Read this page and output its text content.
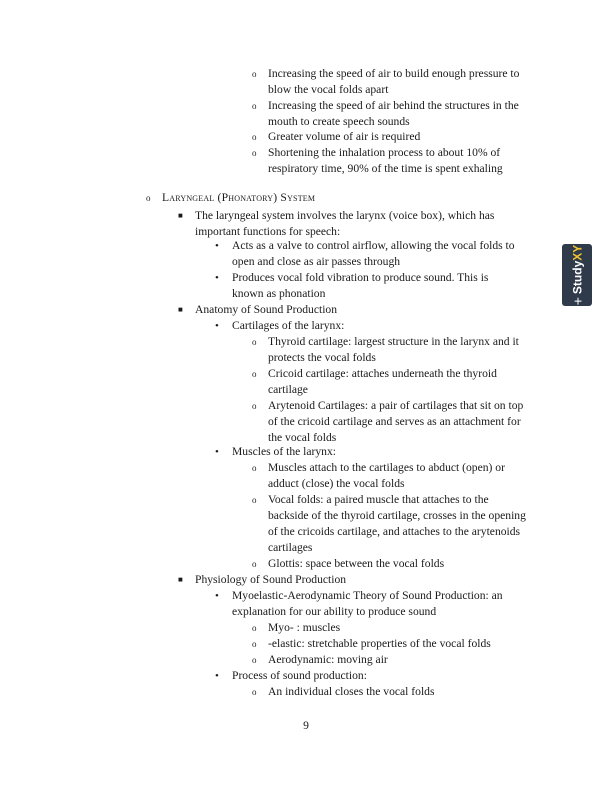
o Increasing the speed of air to build enough pressure to blow the vocal folds apart
o Increasing the speed of air behind the structures in the mouth to create speech sounds
o Greater volume of air is required
o Shortening the inhalation process to about 10% of respiratory time, 90% of the time is spent exhaling
o Laryngeal (Phonatory) System
■	The laryngeal system involves the larynx (voice box), which has important functions for speech:
•	Acts as a valve to control airflow, allowing the vocal folds to open and close as air passes through
•	Produces vocal fold vibration to produce sound. This is known as phonation
■	Anatomy of Sound Production
•	Cartilages of the larynx:
o Thyroid cartilage: largest structure in the larynx and it protects the vocal folds
o Cricoid cartilage: attaches underneath the thyroid cartilage
o Arytenoid Cartilages: a pair of cartilages that sit on top of the cricoid cartilage and serves as an attachment for the vocal folds
•	Muscles of the larynx:
o Muscles attach to the cartilages to abduct (open) or adduct (close) the vocal folds
o Vocal folds: a paired muscle that attaches to the backside of the thyroid cartilage, crosses in the opening of the cricoids cartilage, and attaches to the arytenoids cartilages
o Glottis: space between the vocal folds
■	Physiology of Sound Production
•	Myoelastic-Aerodynamic Theory of Sound Production: an explanation for our ability to produce sound
o Myo- : muscles
o -elastic: stretchable properties of the vocal folds
o Aerodynamic: moving air
•	Process of sound production:
o An individual closes the vocal folds
9
+
StudyXY
